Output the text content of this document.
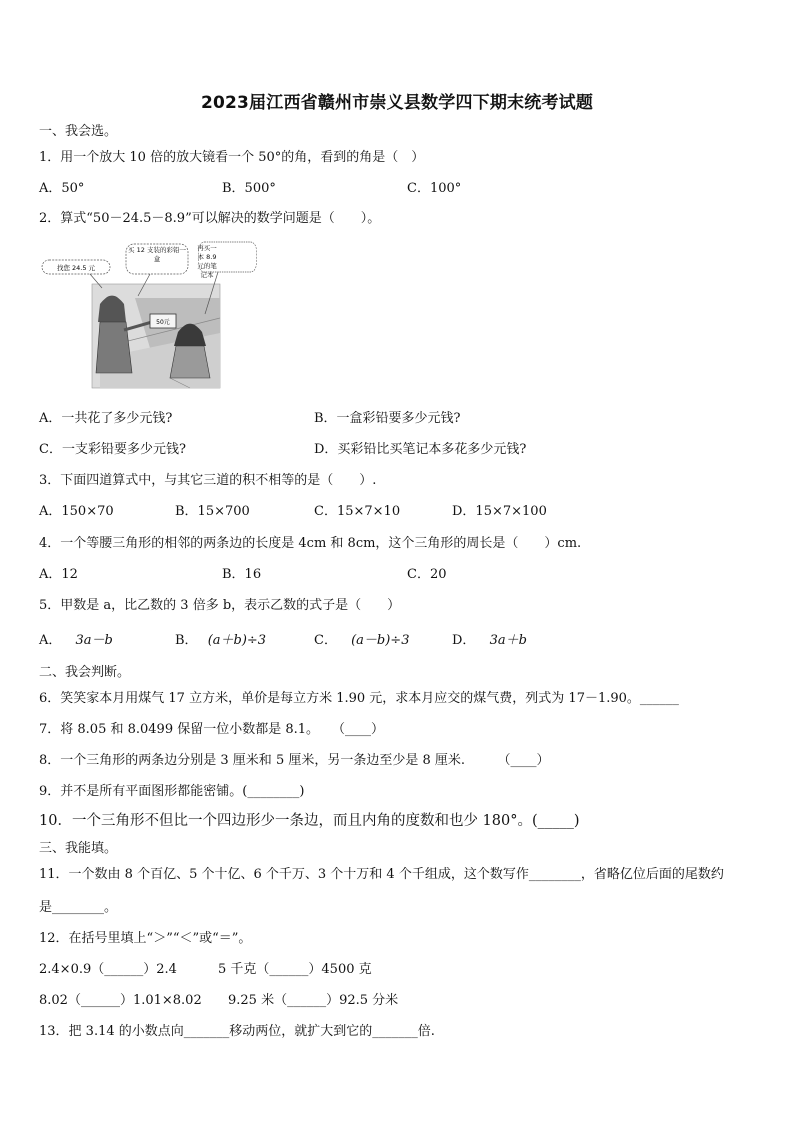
2023届江西省赣州市崇义县数学四下期末统考试题
一、我会选。
1．用一个放大 10 倍的放大镜看一个 50°的角，看到的角是（　）
A．50°	B．500°	C．100°
2．算式“50－24.5－8.9”可以解决的数学问题是（　　）。
50元
找您 24.5 元
买 12 支装的彩铅一盒
再买一本 8.9 元的笔记本
A．一共花了多少元钱?	B．一盒彩铅要多少元钱?
C．一支彩铅要多少元钱?	D．买彩铅比买笔记本多花多少元钱?
3．下面四道算式中，与其它三道的积不相等的是（　　）.
A．150×70	B．15×700	C．15×7×10	D．15×7×100
4．一个等腰三角形的相邻的两条边的长度是 4cm 和 8cm，这个三角形的周长是（　　）cm.
A．12	B．16	C．20
5．甲数是 a，比乙数的 3 倍多 b，表示乙数的式子是（　　）
A． 3a－b	B． (a＋b)÷3	C． (a－b)÷3	D． 3a＋b
二、我会判断。
6．笑笑家本月用煤气 17 立方米，单价是每立方米 1.90 元，求本月应交的煤气费，列式为 17－1.90。______
7．将 8.05 和 8.0499 保留一位小数都是 8.1。　　（____）
8．一个三角形的两条边分别是 3 厘米和 5 厘米，另一条边至少是 8 厘米.　　　（____）
9．并不是所有平面图形都能密铺。(________)
10．一个三角形不但比一个四边形少一条边，而且内角的度数和也少 180°。(_____)
三、我能填。
11．一个数由 8 个百亿、5 个十亿、6 个千万、3 个十万和 4 个千组成，这个数写作________，省略亿位后面的尾数约
是________。
12．在括号里填上“＞”“＜”或“＝”。
2.4×0.9（______）2.4	5 千克（______）4500 克
8.02（______）1.01×8.02 9.25 米（______）92.5 分米
13．把 3.14 的小数点向_______移动两位，就扩大到它的_______倍.
